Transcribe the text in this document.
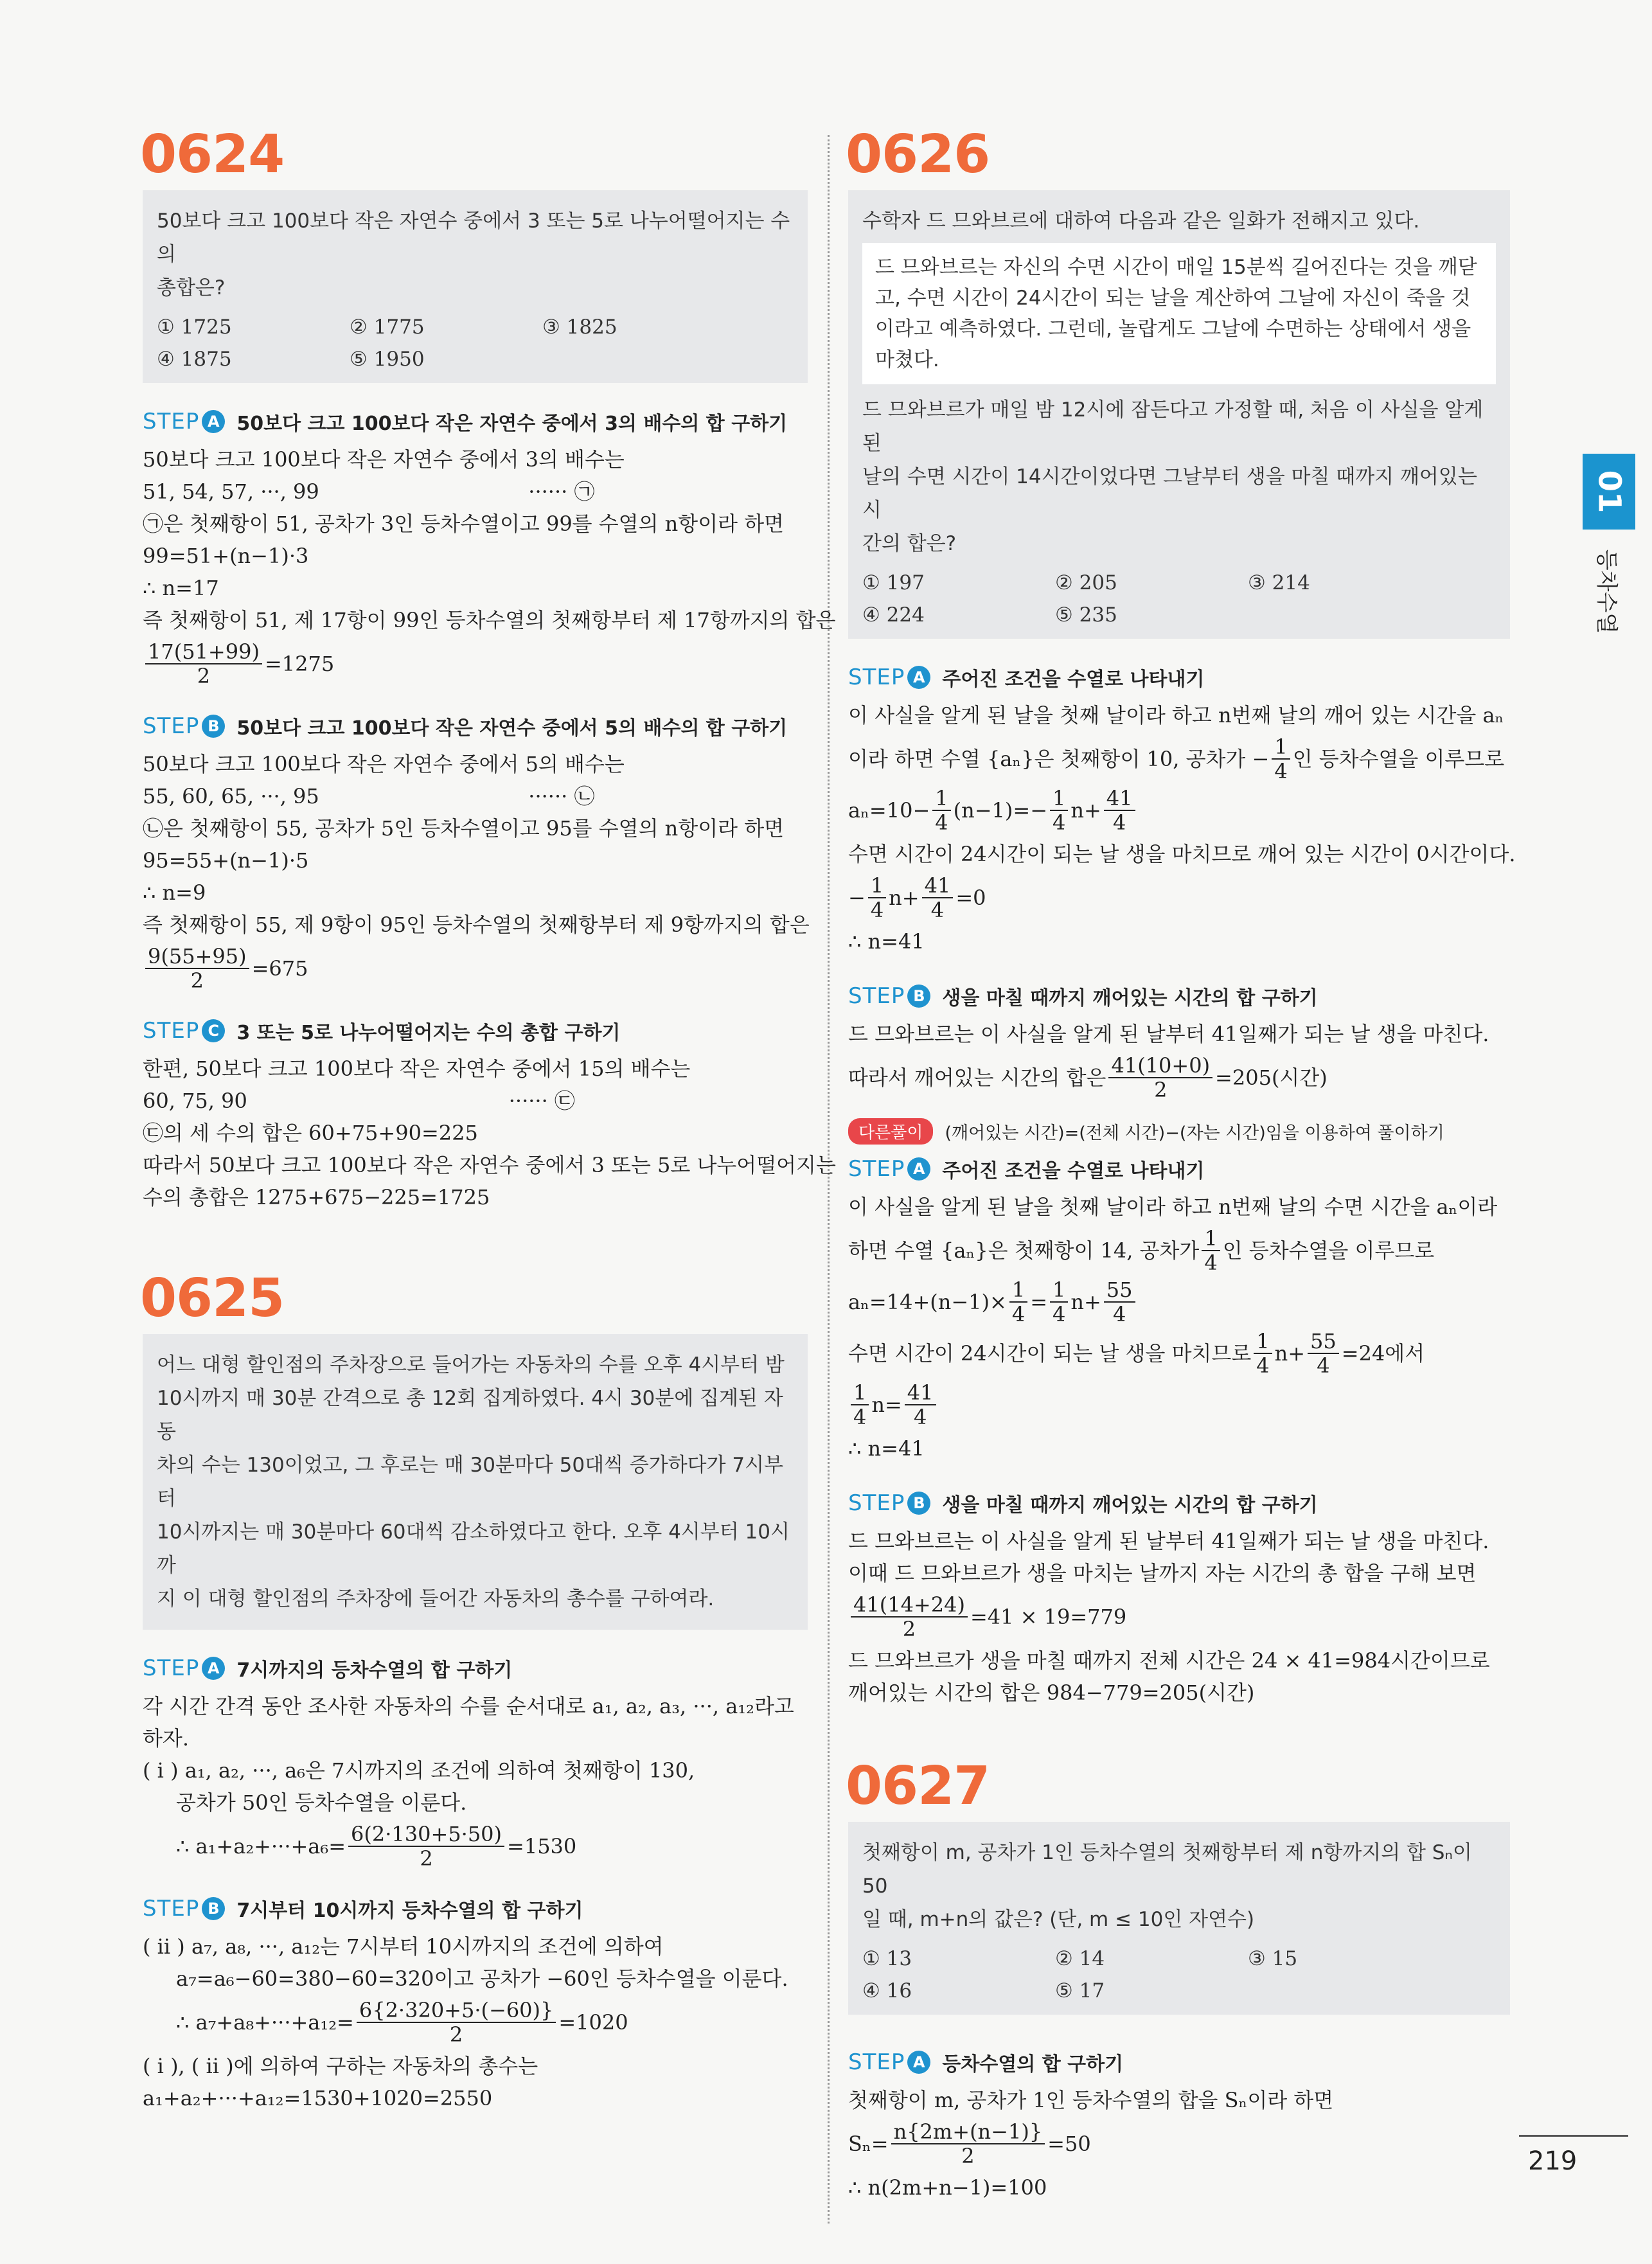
0624
50보다 크고 100보다 작은 자연수 중에서 3 또는 5로 나누어떨어지는 수의
총합은?
① 1725	② 1775	③ 1825
④ 1875	⑤ 1950
STEP A 50보다 크고 100보다 작은 자연수 중에서 3의 배수의 합 구하기
50보다 크고 100보다 작은 자연수 중에서 3의 배수는
51, 54, 57, ···, 99                                ······ ㉠
㉠은 첫째항이 51, 공차가 3인 등차수열이고 99를 수열의 n항이라 하면
99=51+(n−1)·3
∴ n=17
즉 첫째항이 51, 제 17항이 99인 등차수열의 첫째항부터 제 17항까지의 합은
$\frac{17(51+99)}{2} =1275$
STEP B 50보다 크고 100보다 작은 자연수 중에서 5의 배수의 합 구하기
50보다 크고 100보다 작은 자연수 중에서 5의 배수는
55, 60, 65, ···, 95                                ······ ㉡
㉡은 첫째항이 55, 공차가 5인 등차수열이고 95를 수열의 n항이라 하면
95=55+(n−1)·5
∴ n=9
즉 첫째항이 55, 제 9항이 95인 등차수열의 첫째항부터 제 9항까지의 합은
$\frac{9(55+95)}{2} =675$
STEP C 3 또는 5로 나누어떨어지는 수의 총합 구하기
한편, 50보다 크고 100보다 작은 자연수 중에서 15의 배수는
60, 75, 90                                        ······ ㉢
㉢의 세 수의 합은 60+75+90=225
따라서 50보다 크고 100보다 작은 자연수 중에서 3 또는 5로 나누어떨어지는
수의 총합은 1275+675−225=1725
0625
어느 대형 할인점의 주차장으로 들어가는 자동차의 수를 오후 4시부터 밤
10시까지 매 30분 간격으로 총 12회 집계하였다. 4시 30분에 집계된 자동
차의 수는 130이었고, 그 후로는 매 30분마다 50대씩 증가하다가 7시부터
10시까지는 매 30분마다 60대씩 감소하였다고 한다. 오후 4시부터 10시까
지 이 대형 할인점의 주차장에 들어간 자동차의 총수를 구하여라.
STEP A 7시까지의 등차수열의 합 구하기
각 시간 간격 동안 조사한 자동차의 수를 순서대로 a₁, a₂, a₃, ···, a₁₂라고
하자.
( i ) a₁, a₂, ···, a₆은 7시까지의 조건에 의하여 첫째항이 130,
공차가 50인 등차수열을 이룬다.
∴ $a_1+a_2+\cdot\cdot\cdot+a_6= \frac{6(2\cdot 130+5\cdot 50)}{2} =1530$
STEP B 7시부터 10시까지 등차수열의 합 구하기
( ii ) a₇, a₈, ···, a₁₂는 7시부터 10시까지의 조건에 의하여
a₇=a₆−60=380−60=320이고 공차가 −60인 등차수열을 이룬다.
∴ $a_7+a_8+\cdot\cdot\cdot+a_{12}= \frac{6\{2\cdot 320+5\cdot(-60)\}}{2} =1020$
( i ), ( ii )에 의하여 구하는 자동차의 총수는
a₁+a₂+···+a₁₂=1530+1020=2550
0626
수학자 드 므와브르에 대하여 다음과 같은 일화가 전해지고 있다.
드 므와브르는 자신의 수면 시간이 매일 15분씩 길어진다는 것을 깨닫
고, 수면 시간이 24시간이 되는 날을 계산하여 그날에 자신이 죽을 것
이라고 예측하였다. 그런데, 놀랍게도 그날에 수면하는 상태에서 생을
마쳤다.
드 므와브르가 매일 밤 12시에 잠든다고 가정할 때, 처음 이 사실을 알게 된
날의 수면 시간이 14시간이었다면 그날부터 생을 마칠 때까지 깨어있는 시
간의 합은?
① 197	② 205	③ 214
④ 224	⑤ 235
STEP A 주어진 조건을 수열로 나타내기
이 사실을 알게 된 날을 첫째 날이라 하고 n번째 날의 깨어 있는 시간을 aₙ
이라 하면 수열 {aₙ}은 첫째항이 10, 공차가 − $\frac{1}{4}$ 인 등차수열을 이루므로
$a_n=10- \frac{1}{4} (n-1)=- \frac{1}{4} n+ \frac{41}{4}$
수면 시간이 24시간이 되는 날 생을 마치므로 깨어 있는 시간이 0시간이다.
− $\frac{1}{4} n+ \frac{41}{4} =0$
∴ n=41
STEP B 생을 마칠 때까지 깨어있는 시간의 합 구하기
드 므와브르는 이 사실을 알게 된 날부터 41일째가 되는 날 생을 마친다.
따라서 깨어있는 시간의 합은 $\frac{41(10+0)}{2} =205$(시간)
다른풀이	(깨어있는 시간)=(전체 시간)−(자는 시간)임을 이용하여 풀이하기
STEP A 주어진 조건을 수열로 나타내기
이 사실을 알게 된 날을 첫째 날이라 하고 n번째 날의 수면 시간을 aₙ이라
하면 수열 {aₙ}은 첫째항이 14, 공차가 $\frac{1}{4}$ 인 등차수열을 이루므로
$a_n=14+(n-1)\times \frac{1}{4} = \frac{1}{4} n+ \frac{55}{4}$
수면 시간이 24시간이 되는 날 생을 마치므로 $\frac{1}{4} n+ \frac{55}{4} =24$에서
$\frac{1}{4} n= \frac{41}{4}$
∴ n=41
STEP B 생을 마칠 때까지 깨어있는 시간의 합 구하기
드 므와브르는 이 사실을 알게 된 날부터 41일째가 되는 날 생을 마친다.
이때 드 므와브르가 생을 마치는 날까지 자는 시간의 총 합을 구해 보면
$\frac{41(14+24)}{2} =41 \times 19=779$
드 므와브르가 생을 마칠 때까지 전체 시간은 24 × 41=984시간이므로
깨어있는 시간의 합은 984−779=205(시간)
0627
첫째항이 m, 공차가 1인 등차수열의 첫째항부터 제 n항까지의 합 Sₙ이 50
일 때, m+n의 값은? (단, m ≤ 10인 자연수)
① 13	② 14	③ 15
④ 16	⑤ 17
STEP A 등차수열의 합 구하기
첫째항이 m, 공차가 1인 등차수열의 합을 Sₙ이라 하면
$S_n= \frac{n\{2m+(n-1)\}}{2} =50$
∴ n(2m+n−1)=100
01
등차수열
219
